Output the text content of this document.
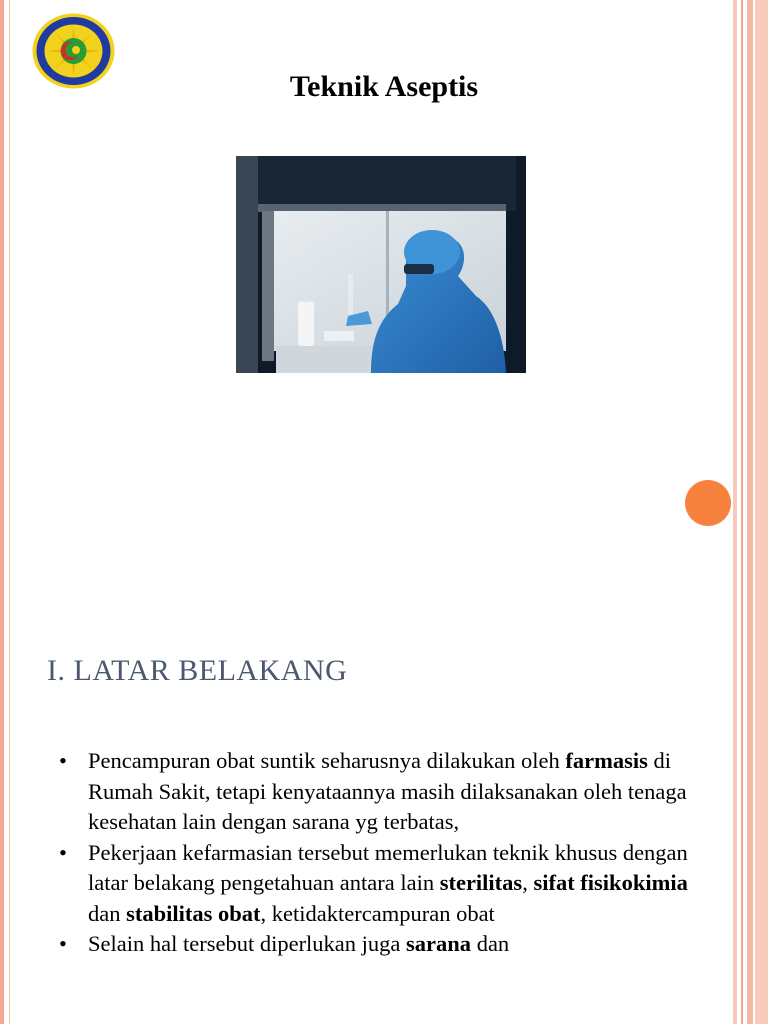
Teknik Aseptis
I. LATAR BELAKANG
• Pencampuran obat suntik seharusnya dilakukan oleh farmasis di Rumah Sakit, tetapi kenyataannya masih dilaksanakan oleh tenaga kesehatan lain dengan sarana yg terbatas,
• Pekerjaan kefarmasian tersebut memerlukan teknik khusus dengan latar belakang pengetahuan antara lain sterilitas, sifat fisikokimia dan stabilitas obat, ketidaktercampuran obat
• Selain hal tersebut diperlukan juga sarana dan
